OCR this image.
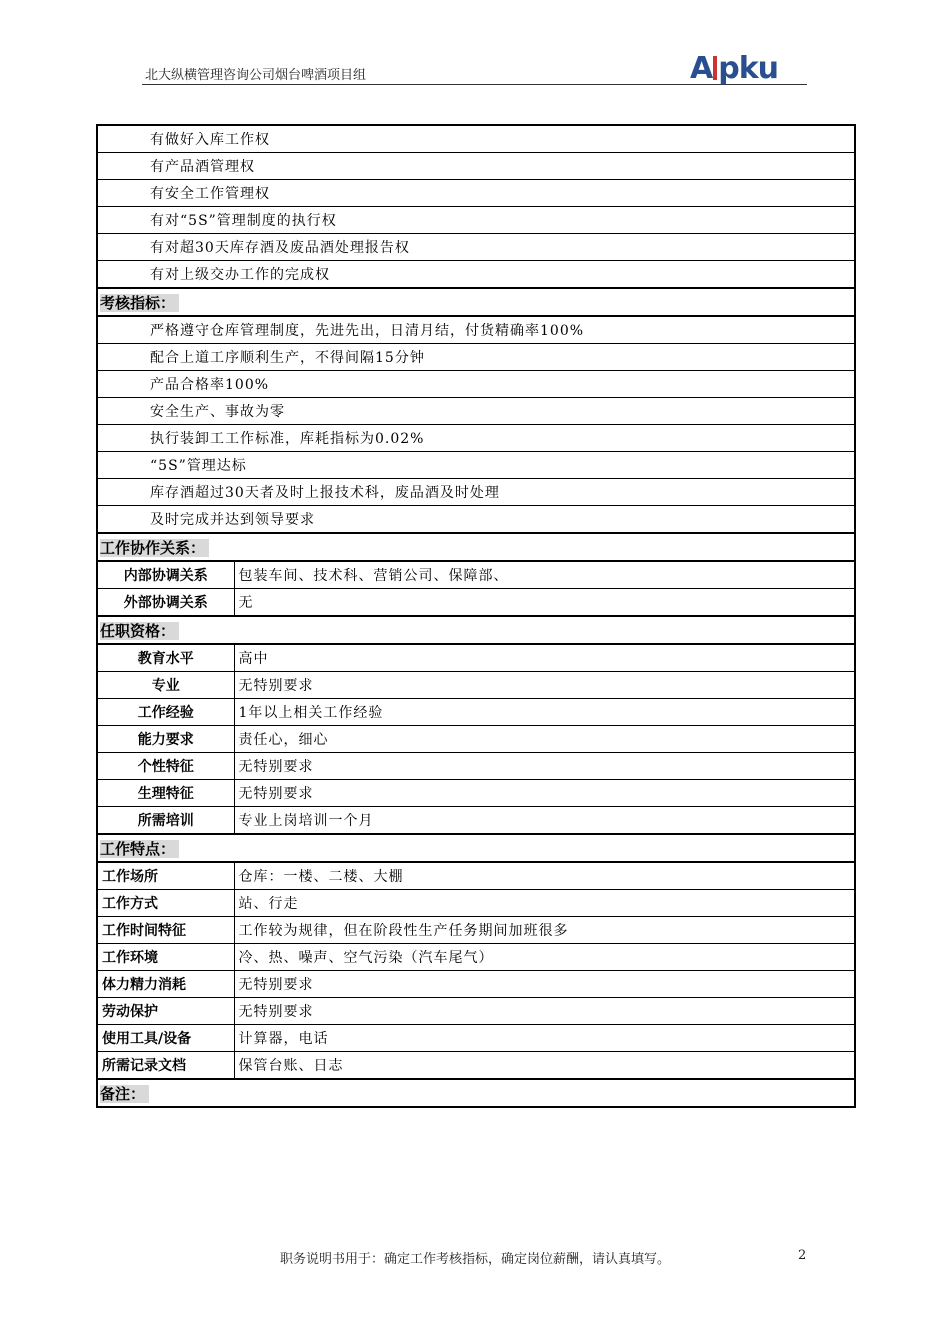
北大纵横管理咨询公司烟台啤酒项目组	A pku
有做好入库工作权	
有产品酒管理权	
有安全工作管理权	
有对“5S”管理制度的执行权	
有对超30天库存酒及废品酒处理报告权	
有对上级交办工作的完成权	
考核指标：	
严格遵守仓库管理制度，先进先出，日清月结，付货精确率100%	
配合上道工序顺利生产，不得间隔15分钟	
产品合格率100%	
安全生产、事故为零	
执行装卸工工作标准，库耗指标为0.02%	
“5S”管理达标	
库存酒超过30天者及时上报技术科，废品酒及时处理	
及时完成并达到领导要求	
工作协作关系：	
内部协调关系	包装车间、技术科、营销公司、保障部、
外部协调关系	无
任职资格：	
教育水平	高中
专业	无特别要求
工作经验	1年以上相关工作经验
能力要求	责任心，细心
个性特征	无特别要求
生理特征	无特别要求
所需培训	专业上岗培训一个月
工作特点：	
工作场所	仓库：一楼、二楼、大棚
工作方式	站、行走
工作时间特征	工作较为规律，但在阶段性生产任务期间加班很多
工作环境	冷、热、噪声、空气污染（汽车尾气）
体力精力消耗	无特别要求
劳动保护	无特别要求
使用工具/设备	计算器，电话
所需记录文档	保管台账、日志
备注：	
职务说明书用于：确定工作考核指标，确定岗位薪酬，请认真填写。	2
